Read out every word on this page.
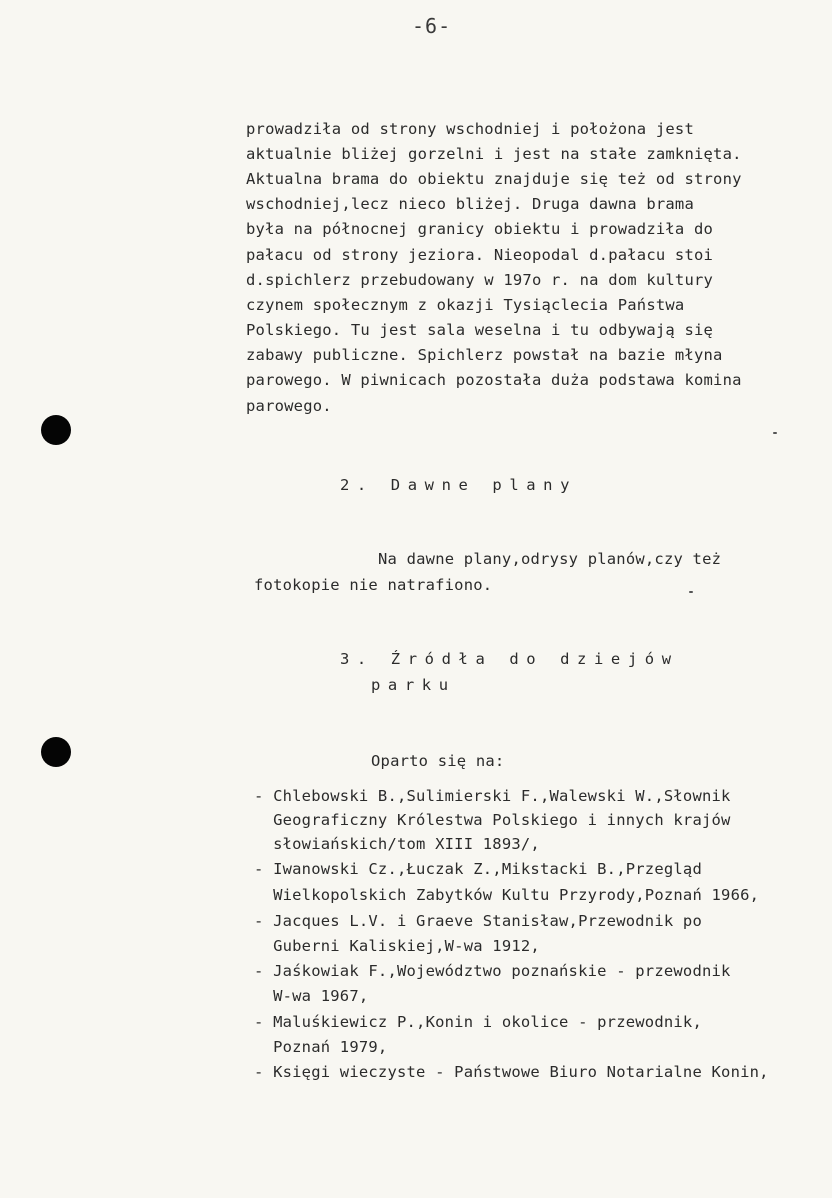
-6-
prowadziła od strony wschodniej i położona jest
aktualnie bliżej gorzelni i jest na stałe zamknięta.
Aktualna brama do obiektu znajduje się też od strony
wschodniej,lecz nieco bliżej. Druga dawna brama
była na północnej granicy obiektu i prowadziła do
pałacu od strony jeziora. Nieopodal d.pałacu stoi
d.spichlerz przebudowany w 197o r. na dom kultury
czynem społecznym z okazji Tysiąclecia Państwa
Polskiego. Tu jest sala weselna i tu odbywają się
zabawy publiczne. Spichlerz powstał na bazie młyna
parowego. W piwnicach pozostała duża podstawa komina
parowego.
2. Dawne plany
Na dawne plany,odrysy planów,czy też
fotokopie nie natrafiono.
3. Źródła do dziejów
parku
Oparto się na:
- Chlebowski B.,Sulimierski F.,Walewski W.,Słownik
Geograficzny Królestwa Polskiego i innych krajów
słowiańskich/tom XIII 1893/,
- Iwanowski Cz.,Łuczak Z.,Mikstacki B.,Przegląd
Wielkopolskich Zabytków Kultu Przyrody,Poznań 1966,
- Jacques L.V. i Graeve Stanisław,Przewodnik po
Guberni Kaliskiej,W-wa 1912,
- Jaśkowiak F.,Województwo poznańskie - przewodnik
W-wa 1967,
- Maluśkiewicz P.,Konin i okolice - przewodnik,
Poznań 1979,
- Księgi wieczyste - Państwowe Biuro Notarialne Konin,
